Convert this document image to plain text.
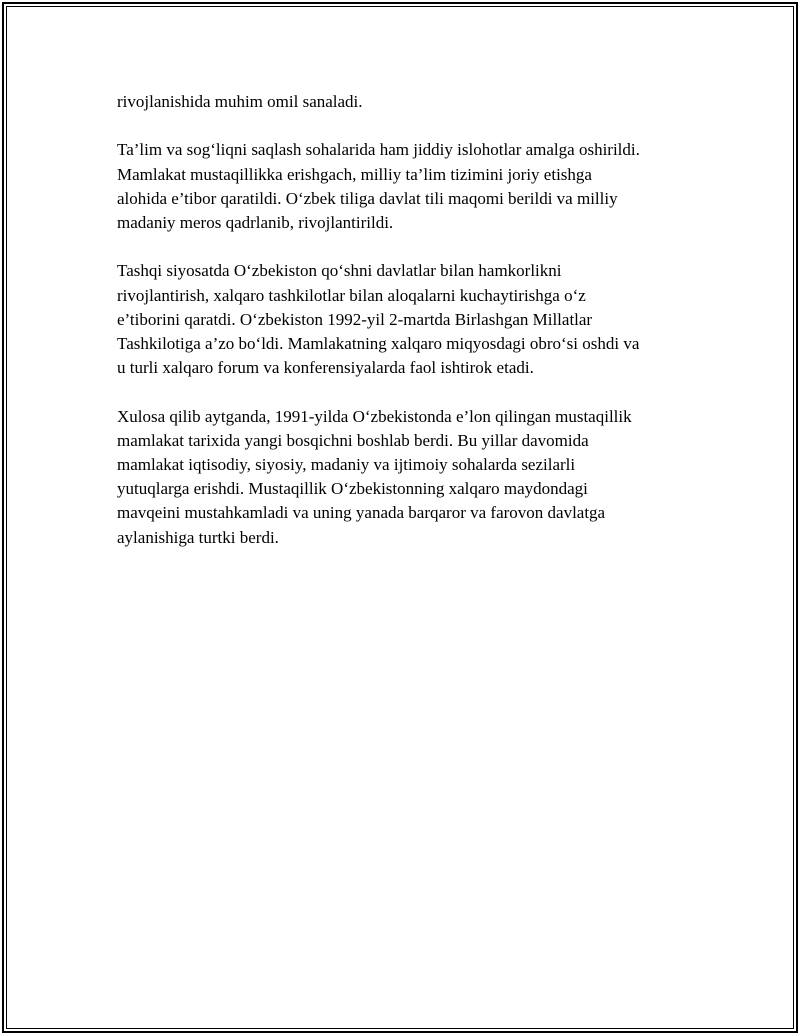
rivojlanishida muhim omil sanaladi.

Ta’lim va sog‘liqni saqlash sohalarida ham jiddiy islohotlar amalga oshirildi.
Mamlakat mustaqillikka erishgach, milliy ta’lim tizimini joriy etishga
alohida e’tibor qaratildi. O‘zbek tiliga davlat tili maqomi berildi va milliy
madaniy meros qadrlanib, rivojlantirildi.

Tashqi siyosatda O‘zbekiston qo‘shni davlatlar bilan hamkorlikni
rivojlantirish, xalqaro tashkilotlar bilan aloqalarni kuchaytirishga o‘z
e’tiborini qaratdi. O‘zbekiston 1992-yil 2-martda Birlashgan Millatlar
Tashkilotiga a’zo bo‘ldi. Mamlakatning xalqaro miqyosdagi obro‘si oshdi va
u turli xalqaro forum va konferensiyalarda faol ishtirok etadi.

Xulosa qilib aytganda, 1991-yilda O‘zbekistonda e’lon qilingan mustaqillik
mamlakat tarixida yangi bosqichni boshlab berdi. Bu yillar davomida
mamlakat iqtisodiy, siyosiy, madaniy va ijtimoiy sohalarda sezilarli
yutuqlarga erishdi. Mustaqillik O‘zbekistonning xalqaro maydondagi
mavqeini mustahkamladi va uning yanada barqaror va farovon davlatga
aylanishiga turtki berdi.
